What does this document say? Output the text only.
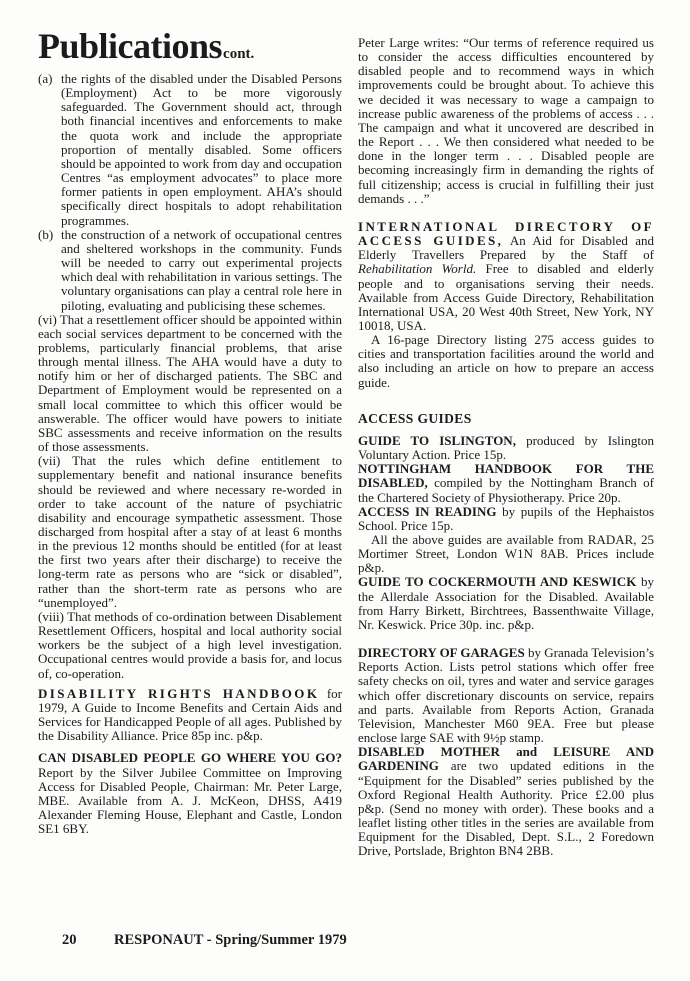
Publicationscont.

(a) the rights of the disabled under the Disabled Persons (Employment) Act to be more vigorously safeguarded. The Government should act, through both financial incentives and enforcements to make the quota work and include the appropriate proportion of mentally disabled. Some officers should be appointed to work from day and occupation Centres “as employment advocates” to place more former patients in open employment. AHA’s should specifically direct hospitals to adopt rehabilitation programmes.

(b) the construction of a network of occupational centres and sheltered workshops in the community. Funds will be needed to carry out experimental projects which deal with rehabilitation in various settings. The voluntary organisations can play a central role here in piloting, evaluating and publicising these schemes.

(vi) That a resettlement officer should be appointed within each social services department to be concerned with the problems, particularly financial problems, that arise through mental illness. The AHA would have a duty to notify him or her of discharged patients. The SBC and Department of Employment would be represented on a small local committee to which this officer would be answerable. The officer would have powers to initiate SBC assessments and receive information on the results of those assessments.

(vii) That the rules which define entitlement to supplementary benefit and national insurance benefits should be reviewed and where necessary re-worded in order to take account of the nature of psychiatric disability and encourage sympathetic assessment. Those discharged from hospital after a stay of at least 6 months in the previous 12 months should be entitled (for at least the first two years after their discharge) to receive the long-term rate as persons who are “sick or disabled”, rather than the short-term rate as persons who are “unemployed”.

(viii) That methods of co-ordination between Disablement Resettlement Officers, hospital and local authority social workers be the subject of a high level investigation. Occupational centres would provide a basis for, and locus of, co-operation.

DISABILITY RIGHTS HANDBOOK for 1979, A Guide to Income Benefits and Certain Aids and Services for Handicapped People of all ages. Published by the Disability Alliance. Price 85p inc. p&p.

CAN DISABLED PEOPLE GO WHERE YOU GO? Report by the Silver Jubilee Committee on Improving Access for Disabled People, Chairman: Mr. Peter Large, MBE. Available from A. J. McKeon, DHSS, A419 Alexander Fleming House, Elephant and Castle, London SE1 6BY.

Peter Large writes: “Our terms of reference required us to consider the access difficulties encountered by disabled people and to recommend ways in which improvements could be brought about. To achieve this we decided it was necessary to wage a campaign to increase public awareness of the problems of access . . . The campaign and what it uncovered are described in the Report . . . We then considered what needed to be done in the longer term . . . Disabled people are becoming increasingly firm in demanding the rights of full citizenship; access is crucial in fulfilling their just demands . . .”

INTERNATIONAL DIRECTORY OF ACCESS GUIDES, An Aid for Disabled and Elderly Travellers Prepared by the Staff of Rehabilitation World. Free to disabled and elderly people and to organisations serving their needs. Available from Access Guide Directory, Rehabilitation International USA, 20 West 40th Street, New York, NY 10018, USA.

A 16-page Directory listing 275 access guides to cities and transportation facilities around the world and also including an article on how to prepare an access guide.

ACCESS GUIDES

GUIDE TO ISLINGTON, produced by Islington Voluntary Action. Price 15p.

NOTTINGHAM HANDBOOK FOR THE DISABLED, compiled by the Nottingham Branch of the Chartered Society of Physiotherapy. Price 20p.

ACCESS IN READING by pupils of the Hephaistos School. Price 15p.

All the above guides are available from RADAR, 25 Mortimer Street, London W1N 8AB. Prices include p&p.

GUIDE TO COCKERMOUTH AND KESWICK by the Allerdale Association for the Disabled. Available from Harry Birkett, Birchtrees, Bassenthwaite Village, Nr. Keswick. Price 30p. inc. p&p.

DIRECTORY OF GARAGES by Granada Television’s Reports Action. Lists petrol stations which offer free safety checks on oil, tyres and water and service garages which offer discretionary discounts on service, repairs and parts. Available from Reports Action, Granada Television, Manchester M60 9EA. Free but please enclose large SAE with 9½p stamp.

DISABLED MOTHER and LEISURE AND GARDENING are two updated editions in the “Equipment for the Disabled” series published by the Oxford Regional Health Authority. Price £2.00 plus p&p. (Send no money with order). These books and a leaflet listing other titles in the series are available from Equipment for the Disabled, Dept. S.L., 2 Foredown Drive, Portslade, Brighton BN4 2BB.

20	RESPONAUT - Spring/Summer 1979
